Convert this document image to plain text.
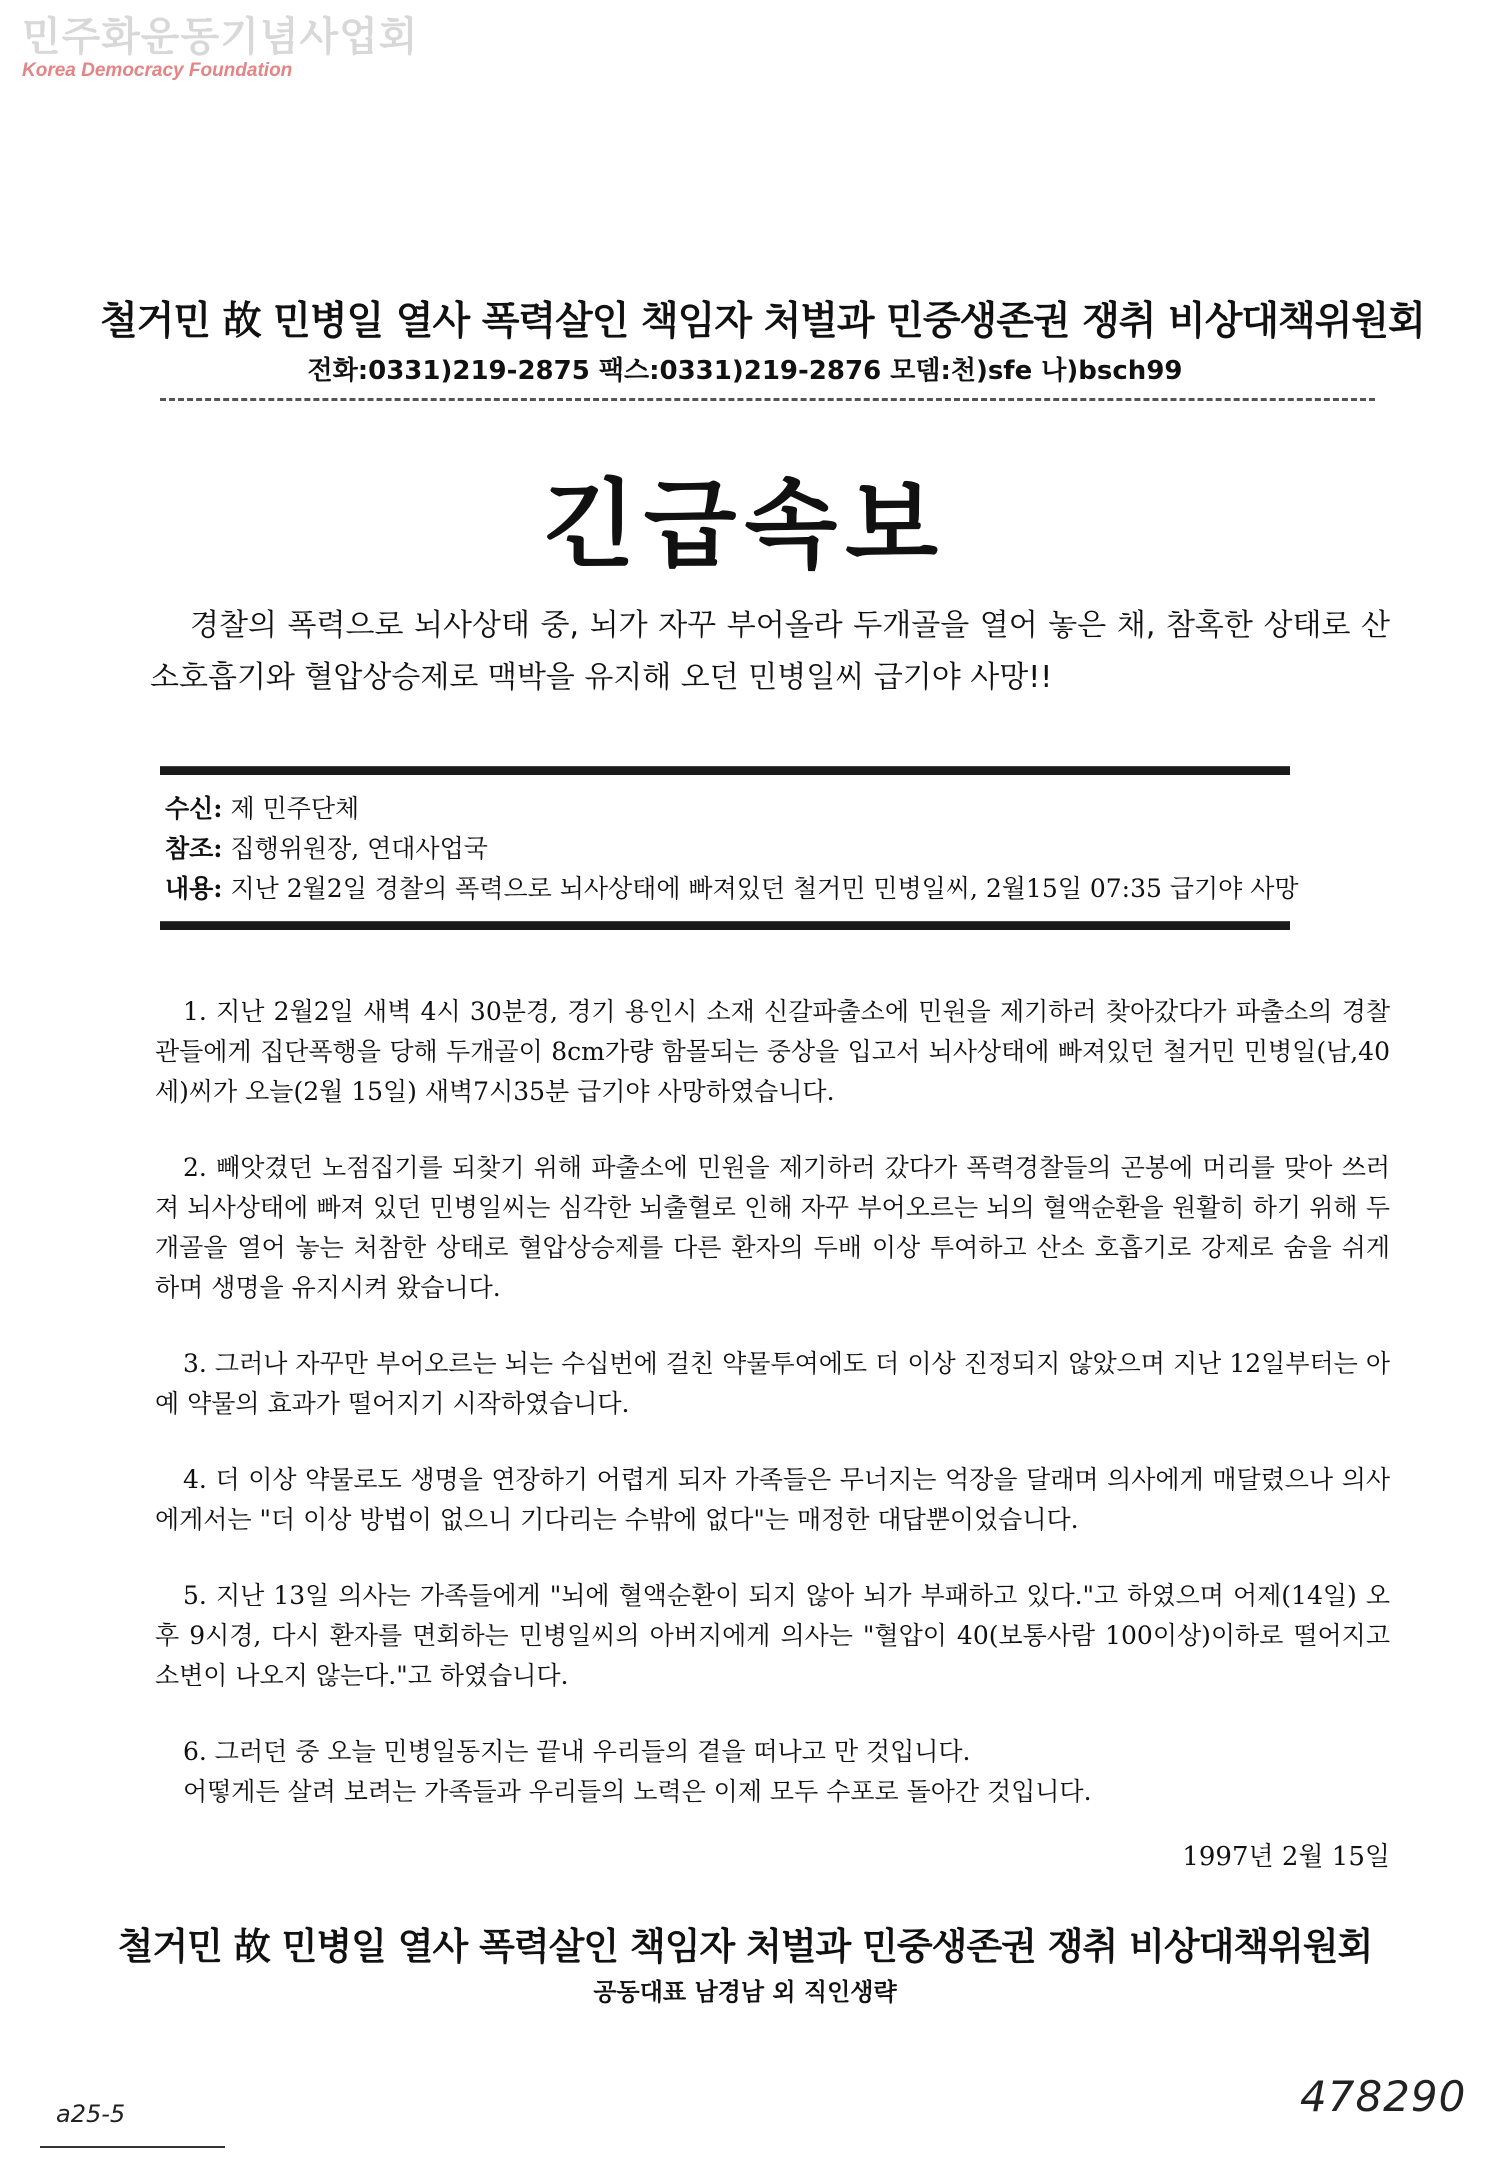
민주화운동기념사업회
Korea Democracy Foundation
철거민 故 민병일 열사 폭력살인 책임자 처벌과 민중생존권 쟁취 비상대책위원회
전화:0331)219-2875 팩스:0331)219-2876 모뎀:천)sfe 나)bsch99
긴급속보
경찰의 폭력으로 뇌사상태 중, 뇌가 자꾸 부어올라 두개골을 열어 놓은 채, 참혹한 상태로 산소호흡기와 혈압상승제로 맥박을 유지해 오던 민병일씨 급기야 사망!!
수신: 제 민주단체
참조: 집행위원장, 연대사업국
내용: 지난 2월2일 경찰의 폭력으로 뇌사상태에 빠져있던 철거민 민병일씨, 2월15일 07:35 급기야 사망

1. 지난 2월2일 새벽 4시 30분경, 경기 용인시 소재 신갈파출소에 민원을 제기하러 찾아갔다가 파출소의 경찰관들에게 집단폭행을 당해 두개골이 8cm가량 함몰되는 중상을 입고서 뇌사상태에 빠져있던 철거민 민병일(남,40세)씨가 오늘(2월 15일) 새벽7시35분 급기야 사망하였습니다.

2. 빼앗겼던 노점집기를 되찾기 위해 파출소에 민원을 제기하러 갔다가 폭력경찰들의 곤봉에 머리를 맞아 쓰러져 뇌사상태에 빠져 있던 민병일씨는 심각한 뇌출혈로 인해 자꾸 부어오르는 뇌의 혈액순환을 원활히 하기 위해 두개골을 열어 놓는 처참한 상태로 혈압상승제를 다른 환자의 두배 이상 투여하고 산소 호흡기로 강제로 숨을 쉬게 하며 생명을 유지시켜 왔습니다.

3. 그러나 자꾸만 부어오르는 뇌는 수십번에 걸친 약물투여에도 더 이상 진정되지 않았으며 지난 12일부터는 아예 약물의 효과가 떨어지기 시작하였습니다.

4. 더 이상 약물로도 생명을 연장하기 어렵게 되자 가족들은 무너지는 억장을 달래며 의사에게 매달렸으나 의사에게서는 "더 이상 방법이 없으니 기다리는 수밖에 없다"는 매정한 대답뿐이었습니다.

5. 지난 13일 의사는 가족들에게 "뇌에 혈액순환이 되지 않아 뇌가 부패하고 있다."고 하였으며 어제(14일) 오후 9시경, 다시 환자를 면회하는 민병일씨의 아버지에게 의사는 "혈압이 40(보통사람 100이상)이하로 떨어지고 소변이 나오지 않는다."고 하였습니다.

6. 그러던 중 오늘 민병일동지는 끝내 우리들의 곁을 떠나고 만 것입니다.
어떻게든 살려 보려는 가족들과 우리들의 노력은 이제 모두 수포로 돌아간 것입니다.

1997년 2월 15일
철거민 故 민병일 열사 폭력살인 책임자 처벌과 민중생존권 쟁취 비상대책위원회
공동대표 남경남 외 직인생략
a25-5	478290
